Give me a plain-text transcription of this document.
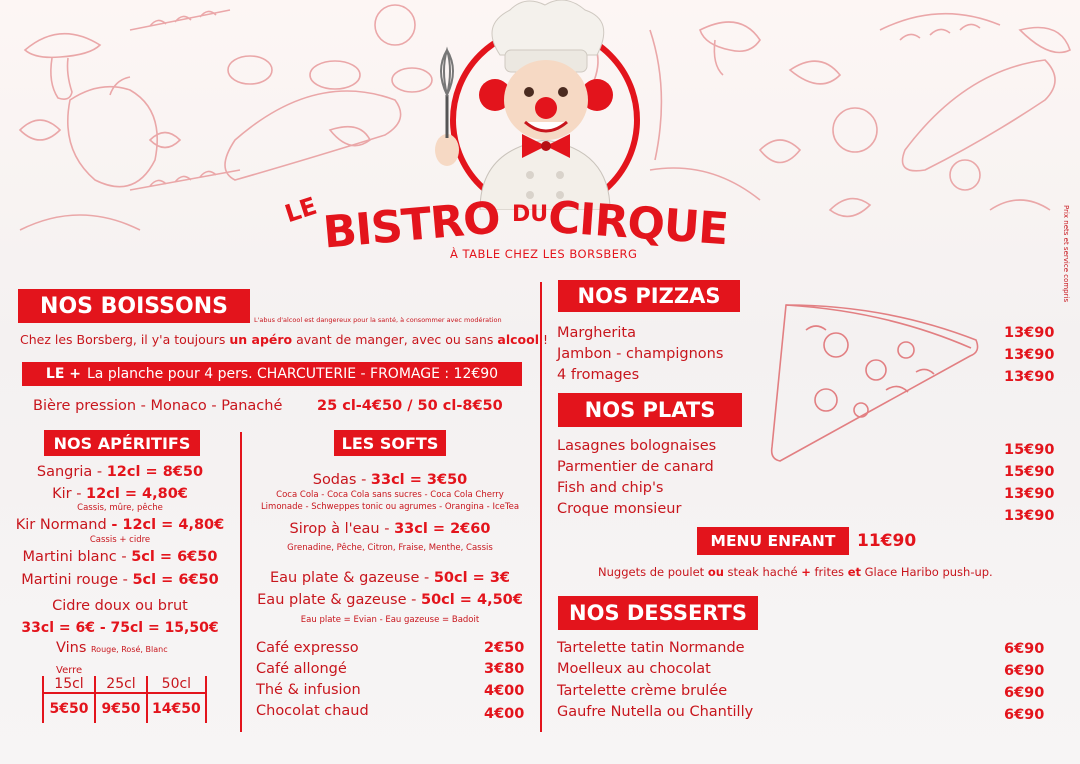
LE BISTRO DU
CIRQUE
À TABLE CHEZ LES BORSBERG	Prix nets et service compris
NOS BOISSONS
L'abus d'alcool est dangereux pour la santé, à consommer avec modération
Chez les Borsberg, il y'a toujours un apéro avant de manger, avec ou sans alcool !
LE + La planche pour 4 pers. CHARCUTERIE - FROMAGE : 12€90
Bière pression - Monaco - Panaché 25 cl-4€50 / 50 cl-8€50
NOS APÉRITIFS
Sangria - 12cl = 8€50
Kir - 12cl = 4,80€
Cassis, mûre, pêche
Kir Normand - 12cl = 4,80€
Cassis + cidre
Martini blanc - 5cl = 6€50
Martini rouge - 5cl = 6€50
Cidre doux ou brut
33cl = 6€ - 75cl = 15,50€
Vins Rouge, Rosé, Blanc
Verre
15cl	25cl	50cl
5€50	9€50	14€50
LES SOFTS
Sodas - 33cl = 3€50
Coca Cola - Coca Cola sans sucres - Coca Cola Cherry
Limonade - Schweppes tonic ou agrumes - Orangina - IceTea
Sirop à l'eau - 33cl = 2€60
Grenadine, Pêche, Citron, Fraise, Menthe, Cassis
Eau plate & gazeuse - 50cl = 3€
Eau plate & gazeuse - 50cl = 4,50€
Eau plate = Evian - Eau gazeuse = Badoit
Café expresso	2€50
Café allongé	3€80
Thé & infusion	4€00
Chocolat chaud	4€00
NOS PIZZAS
Margherita	13€90
Jambon - champignons	13€90
4 fromages	13€90
NOS PLATS
Lasagnes bolognaises	15€90
Parmentier de canard	15€90
Fish and chip's	13€90
Croque monsieur	13€90
MENU ENFANT	11€90
Nuggets de poulet ou steak haché + frites et Glace Haribo push-up.
NOS DESSERTS
Tartelette tatin Normande	6€90
Moelleux au chocolat	6€90
Tartelette crème brulée	6€90
Gaufre Nutella ou Chantilly	6€90
